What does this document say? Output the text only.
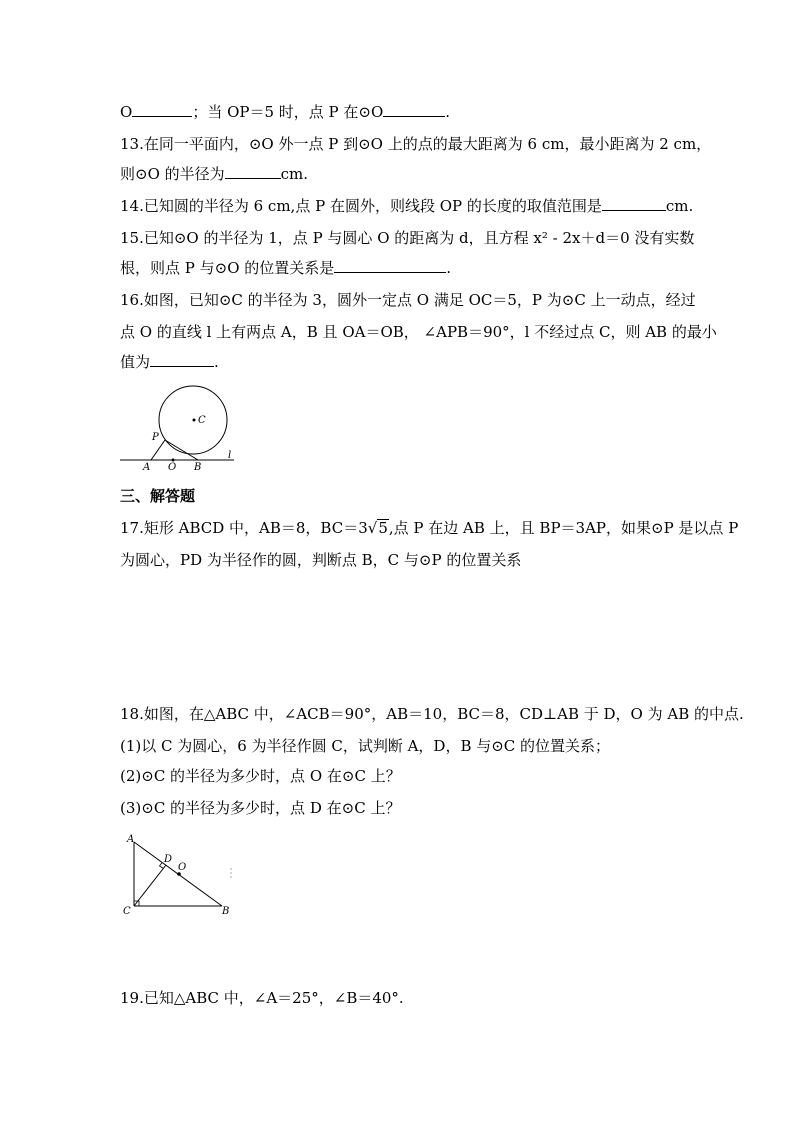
O	；当 OP＝5 时，点 P 在⊙O	.
13.在同一平面内，⊙O 外一点 P 到⊙O 上的点的最大距离为 6 cm，最小距离为 2 cm，
则⊙O 的半径为	cm.
14.已知圆的半径为 6 cm,点 P 在圆外，则线段 OP 的长度的取值范围是	cm.
15.已知⊙O 的半径为 1，点 P 与圆心 O 的距离为 d，且方程 x² - 2x＋d＝0 没有实数
根，则点 P 与⊙O 的位置关系是	.
16.如图，已知⊙C 的半径为 3，圆外一定点 O 满足 OC＝5，P 为⊙C 上一动点，经过
点 O 的直线 l 上有两点 A，B 且 OA＝OB， ∠APB＝90°，l 不经过点 C，则 AB 的最小
值为	.
C
P
A O B
l
三、解答题
17.矩形 ABCD 中，AB＝8，BC＝3√5,点 P 在边 AB 上，且 BP＝3AP，如果⊙P 是以点 P
为圆心，PD 为半径作的圆，判断点 B，C 与⊙P 的位置关系
18.如图，在△ABC 中，∠ACB＝90°，AB＝10，BC＝8，CD⊥AB 于 D，O 为 AB 的中点.
(1)以 C 为圆心，6 为半径作圆 C，试判断 A，D，B 与⊙C 的位置关系；
(2)⊙C 的半径为多少时，点 O 在⊙C 上？
(3)⊙C 的半径为多少时，点 D 在⊙C 上？
A
D
O
C	B
19.已知△ABC 中，∠A＝25°，∠B＝40°.
